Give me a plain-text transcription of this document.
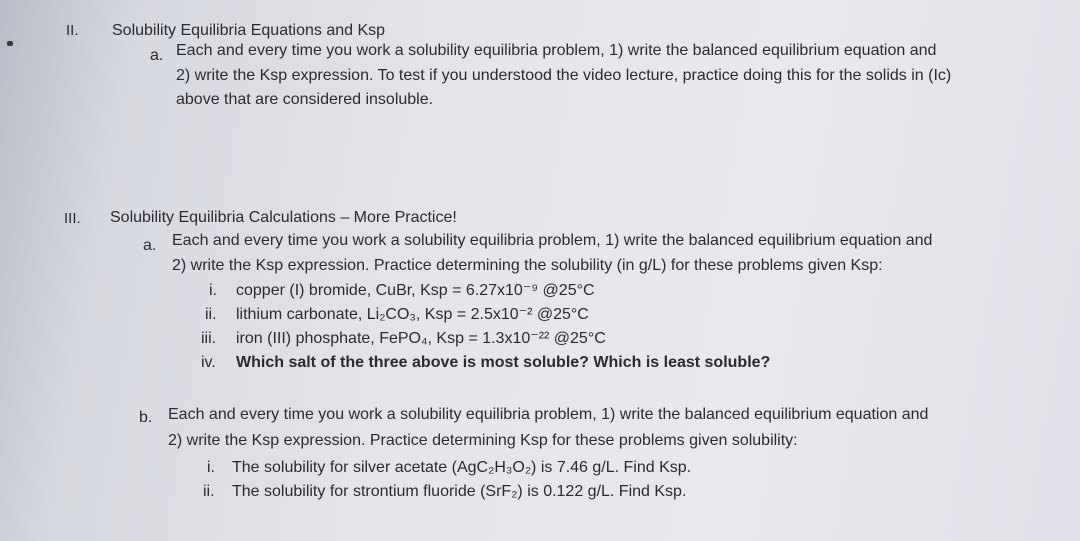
II. Solubility Equilibria Equations and Ksp
a. Each and every time you work a solubility equilibria problem, 1) write the balanced equilibrium equation and
2) write the Ksp expression. To test if you understood the video lecture, practice doing this for the solids in (Ic)
above that are considered insoluble.
III. Solubility Equilibria Calculations – More Practice!
a. Each and every time you work a solubility equilibria problem, 1) write the balanced equilibrium equation and
2) write the Ksp expression. Practice determining the solubility (in g/L) for these problems given Ksp:
i. copper (I) bromide, CuBr, Ksp = 6.27x10⁻⁹ @25°C
ii. lithium carbonate, Li₂CO₃, Ksp = 2.5x10⁻² @25°C
iii. iron (III) phosphate, FePO₄, Ksp = 1.3x10⁻²² @25°C
iv. Which salt of the three above is most soluble? Which is least soluble?
b. Each and every time you work a solubility equilibria problem, 1) write the balanced equilibrium equation and
2) write the Ksp expression. Practice determining Ksp for these problems given solubility:
i. The solubility for silver acetate (AgC₂H₃O₂) is 7.46 g/L. Find Ksp.
ii. The solubility for strontium fluoride (SrF₂) is 0.122 g/L. Find Ksp.
